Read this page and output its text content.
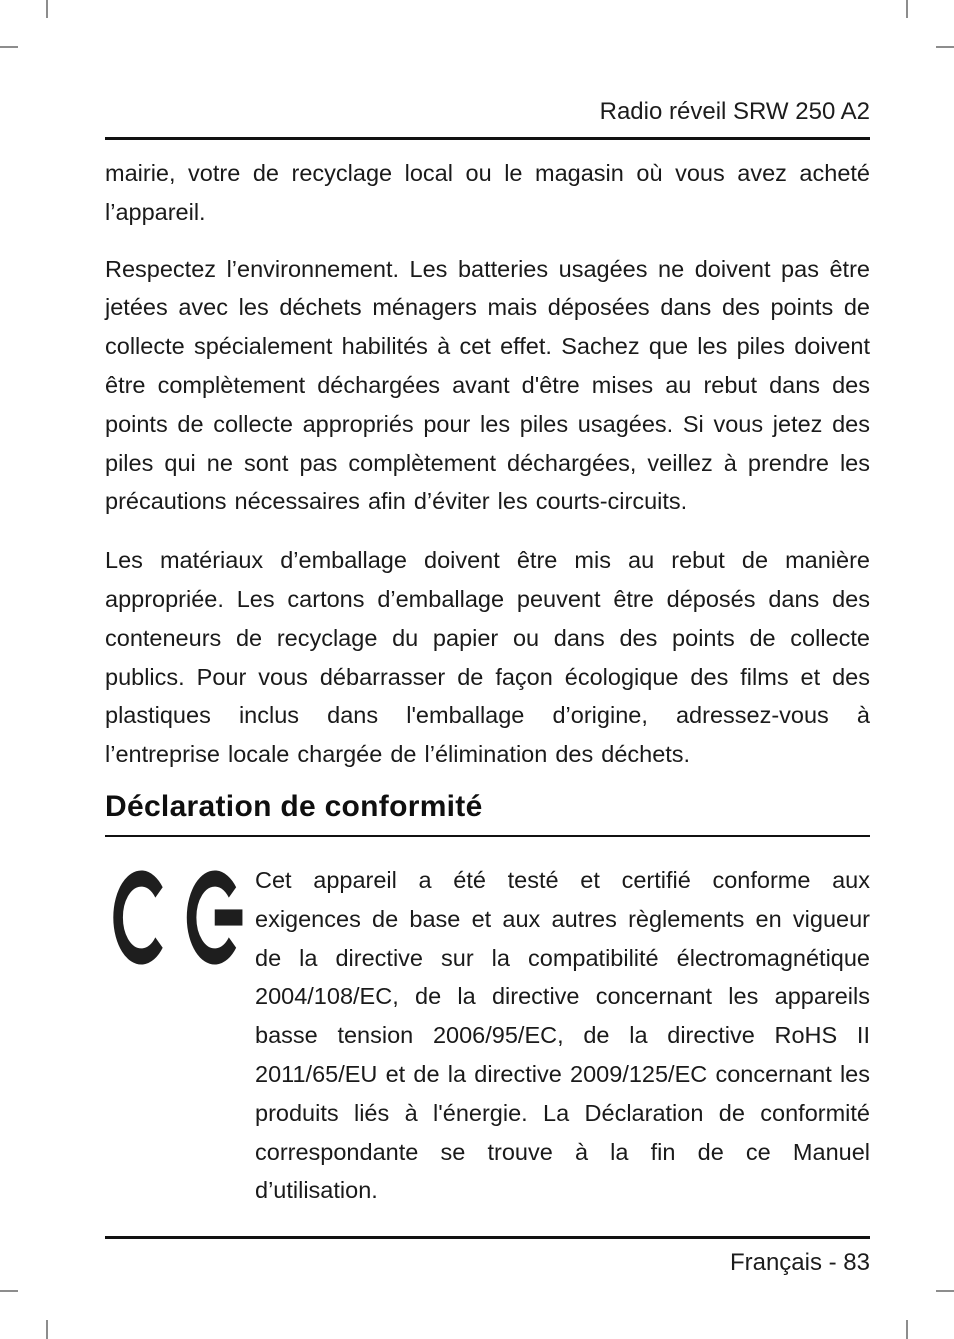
Radio réveil SRW 250 A2

mairie, votre de recyclage local ou le magasin où vous avez acheté l’appareil.

Respectez l’environnement. Les batteries usagées ne doivent pas être jetées avec les déchets ménagers mais déposées dans des points de collecte spécialement habilités à cet effet. Sachez que les piles doivent être complètement déchargées avant d'être mises au rebut dans des points de collecte appropriés pour les piles usagées. Si vous jetez des piles qui ne sont pas complètement déchargées, veillez à prendre les précautions nécessaires afin d’éviter les courts-circuits.

Les matériaux d’emballage doivent être mis au rebut de manière appropriée. Les cartons d’emballage peuvent être déposés dans des conteneurs de recyclage du papier ou dans des points de collecte publics. Pour vous débarrasser de façon écologique des films et des plastiques inclus dans l'emballage d’origine, adressez-vous à l’entreprise locale chargée de l’élimination des déchets.

Déclaration de conformité

Cet appareil a été testé et certifié conforme aux exigences de base et aux autres règlements en vigueur de la directive sur la compatibilité électromagnétique 2004/108/EC, de la directive concernant les appareils basse tension 2006/95/EC, de la directive RoHS II 2011/65/EU et de la directive 2009/125/EC concernant les produits liés à l'énergie. La Déclaration de conformité correspondante se trouve à la fin de ce Manuel d’utilisation.

Français - 83
